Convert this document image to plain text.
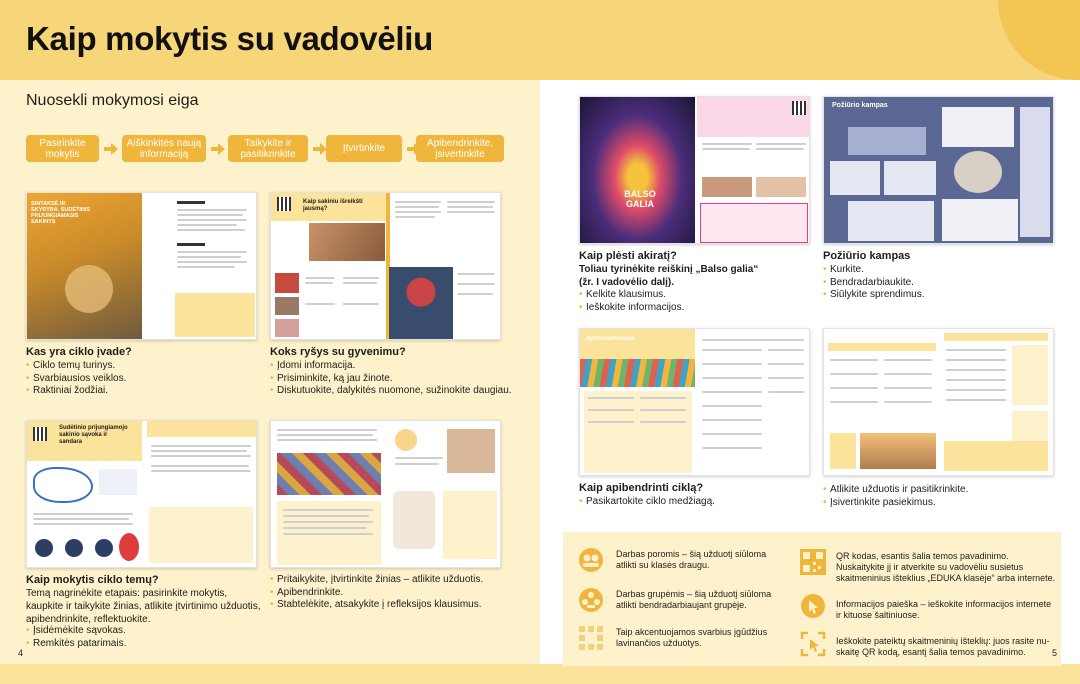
Kaip mokytis su vadovėliu
Nuosekli mokymosi eiga
Pasirinkite mokytis
Aiškinkitės naują informaciją
Taikykite ir pasitikrinkite	Įtvirtinkite	Apibendrinkite, įsivertinkite
SINTAKSĖ IR SKYRYBA. SUDĖTINIS PRIJUNGIAMASIS SAKINYS
Kaip sakiniu išreikšti jausmą?
Sudėtinio prijungiamojo sakinio sąvoka ir sandara
Kas yra ciklo įvade?
• Ciklo temų turinys.
• Svarbiausios veiklos.
• Raktiniai žodžiai.
Koks ryšys su gyvenimu?
• Įdomi informacija.
• Prisiminkite, ką jau žinote.
• Diskutuokite, dalykitės nuomone, sužinokite daugiau.
Kaip mokytis ciklo temų?
Temą nagrinėkite etapais: pasirinkite mokytis, kaupkite ir taikykite žinias, atlikite įtvirtinimo užduotis, apibendrinkite, reflektuokite.
• Įsidėmėkite sąvokas.
• Remkitės patarimais.
• Pritaikykite, įtvirtinkite žinias – atlikite užduotis.
• Apibendrinkite.
• Stabtelėkite, atsakykite į refleksijos klausimus.
BALSO GALIA
Požiūrio kampas
Apibendrinimas
Kaip plėsti akiratį?
Toliau tyrinėkite reiškinį „Balso galia“
(žr. I vadovėlio dalį).
• Kelkite klausimus.
• Ieškokite informacijos.
Požiūrio kampas
• Kurkite.
• Bendradarbiaukite.
• Siūlykite sprendimus.
Kaip apibendrinti ciklą?
• Pasikartokite ciklo medžiagą.
• Atlikite užduotis ir pasitikrinkite.
• Įsivertinkite pasiekimus.
Darbas poromis – šią užduotį siūloma atlikti su klasės draugu.
Darbas grupėmis – šią užduotį siūloma atlikti bendradarbiaujant grupėje.
Taip akcentuojamos svarbius įgūdžius lavinančios užduotys.
QR kodas, esantis šalia temos pavadinimo. Nuskaitykite jį ir atverkite su vadovėliu susietus skaitmeninius išteklius „EDUKA klasėje“ arba internete.
Informacijos paieška – ieškokite informacijos internete ir kituose šaltiniuose.
Ieškokite pateiktų skaitmeninių išteklių: juos rasite nuskaitę QR kodą, esantį šalia temos pavadinimo.
4	5
